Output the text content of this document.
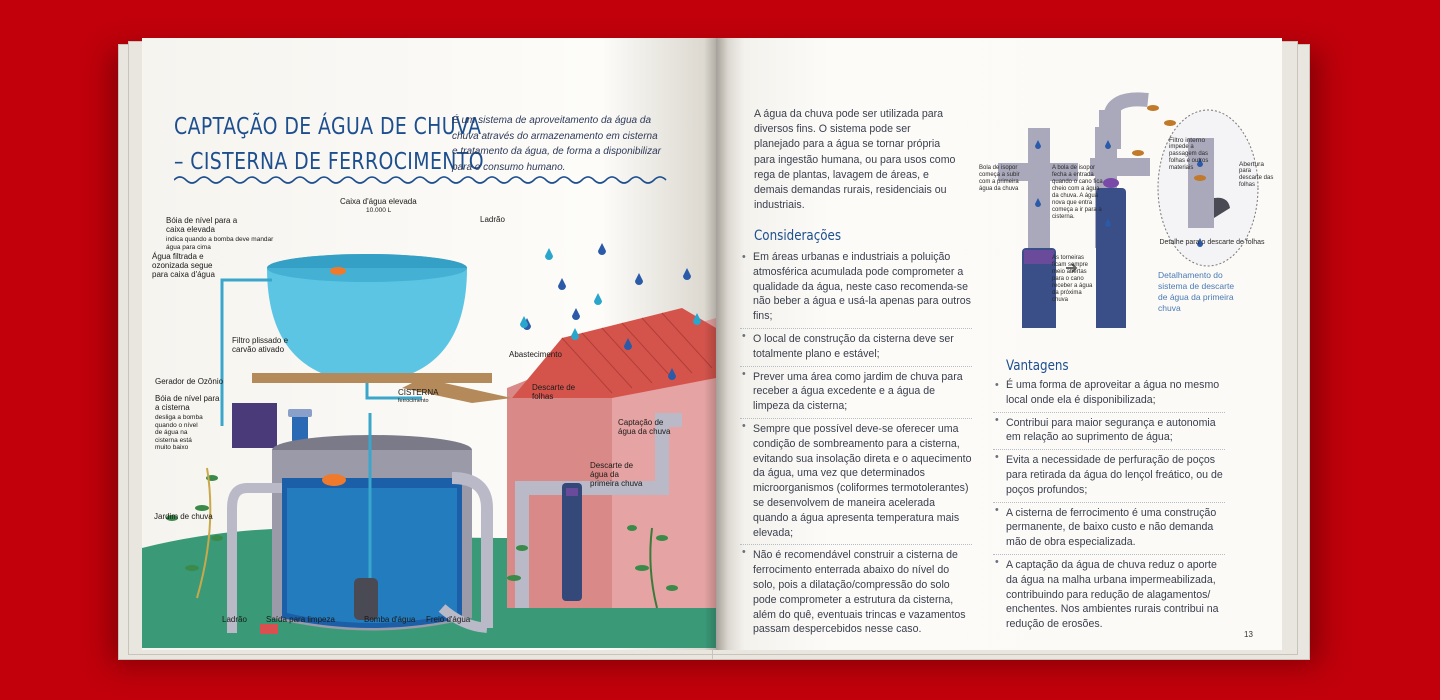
CAPTAÇÃO DE ÁGUA DE CHUVA
– CISTERNA DE FERROCIMENTO
É um sistema de aproveitamento da água da chuva através do armazenamento em cisterna e tratamento da água, de forma a disponibilizar para o consumo humano.
Caixa d'água elevada
10.000 L
Ladrão
Bóia de nível para a caixa elevada
indica quando a bomba deve mandar água para cima
Água filtrada e ozonizada segue para caixa d'água
Filtro plissado e carvão ativado
Abastecimento
Gerador de Ozônio
Bóia de nível para a cisterna
desliga a bomba quando o nível de água na cisterna está muito baixo
CISTERNA
ferrocimento
Descarte de folhas
Captação de água da chuva
Descarte de água da primeira chuva
Jardim de chuva
Ladrão Saída para limpeza	Bomba d'água Freio d'água
A água da chuva pode ser utilizada para diversos fins. O sistema pode ser planejado para a água se tornar própria para ingestão humana, ou para usos como rega de plantas, lavagem de áreas, e demais demandas rurais, residenciais ou industriais.
Considerações
• Em áreas urbanas e industriais a poluição atmosférica acumulada pode comprometer a qualidade da água, neste caso recomenda-se não beber a água e usá-la apenas para outros fins;
• O local de construção da cisterna deve ser totalmente plano e estável;
• Prever uma área como jardim de chuva para receber a água excedente e a água de limpeza da cisterna;
• Sempre que possível deve-se oferecer uma condição de sombreamento para a cisterna, evitando sua insolação direta e o aquecimento da água, uma vez que determinados microorganismos (coliformes termotolerantes) se desenvolvem de maneira acelerada quando a água apresenta temperatura mais elevada;
• Não é recomendável construir a cisterna de ferrocimento enterrada abaixo do nível do solo, pois a dilatação/compressão do solo pode comprometer a estrutura da cisterna, além do quê, eventuais trincas e vazamentos passam despercebidos nesse caso.
Vantagens
• É uma forma de aproveitar a água no mesmo local onde ela é disponibilizada;
• Contribui para maior segurança e autonomia em relação ao suprimento de água;
• Evita a necessidade de perfuração de poços para retirada da água do lençol freático, ou de poços profundos;
• A cisterna de ferrocimento é uma construção permanente, de baixo custo e não demanda mão de obra especializada.
• A captação da água de chuva reduz o aporte da água na malha urbana impermeabilizada, contribuindo para redução de alagamentos/ enchentes. Nos ambientes rurais contribui na redução de erosões.
Bola de isopor começa a subir com a primeira água da chuva
A bola de isopor fecha a entrada quando o cano fica cheio com a água da chuva. A água nova que entra começa a ir para a cisterna.
As torneiras ficam sempre meio abertas para o cano receber a água da próxima chuva
Filtro interno
impede a passagem das folhas e outros materiais	Abertura
para descarte das folhas
Detalhe para o descarte de folhas
Detalhamento do sistema de descarte de água da primeira chuva
13
